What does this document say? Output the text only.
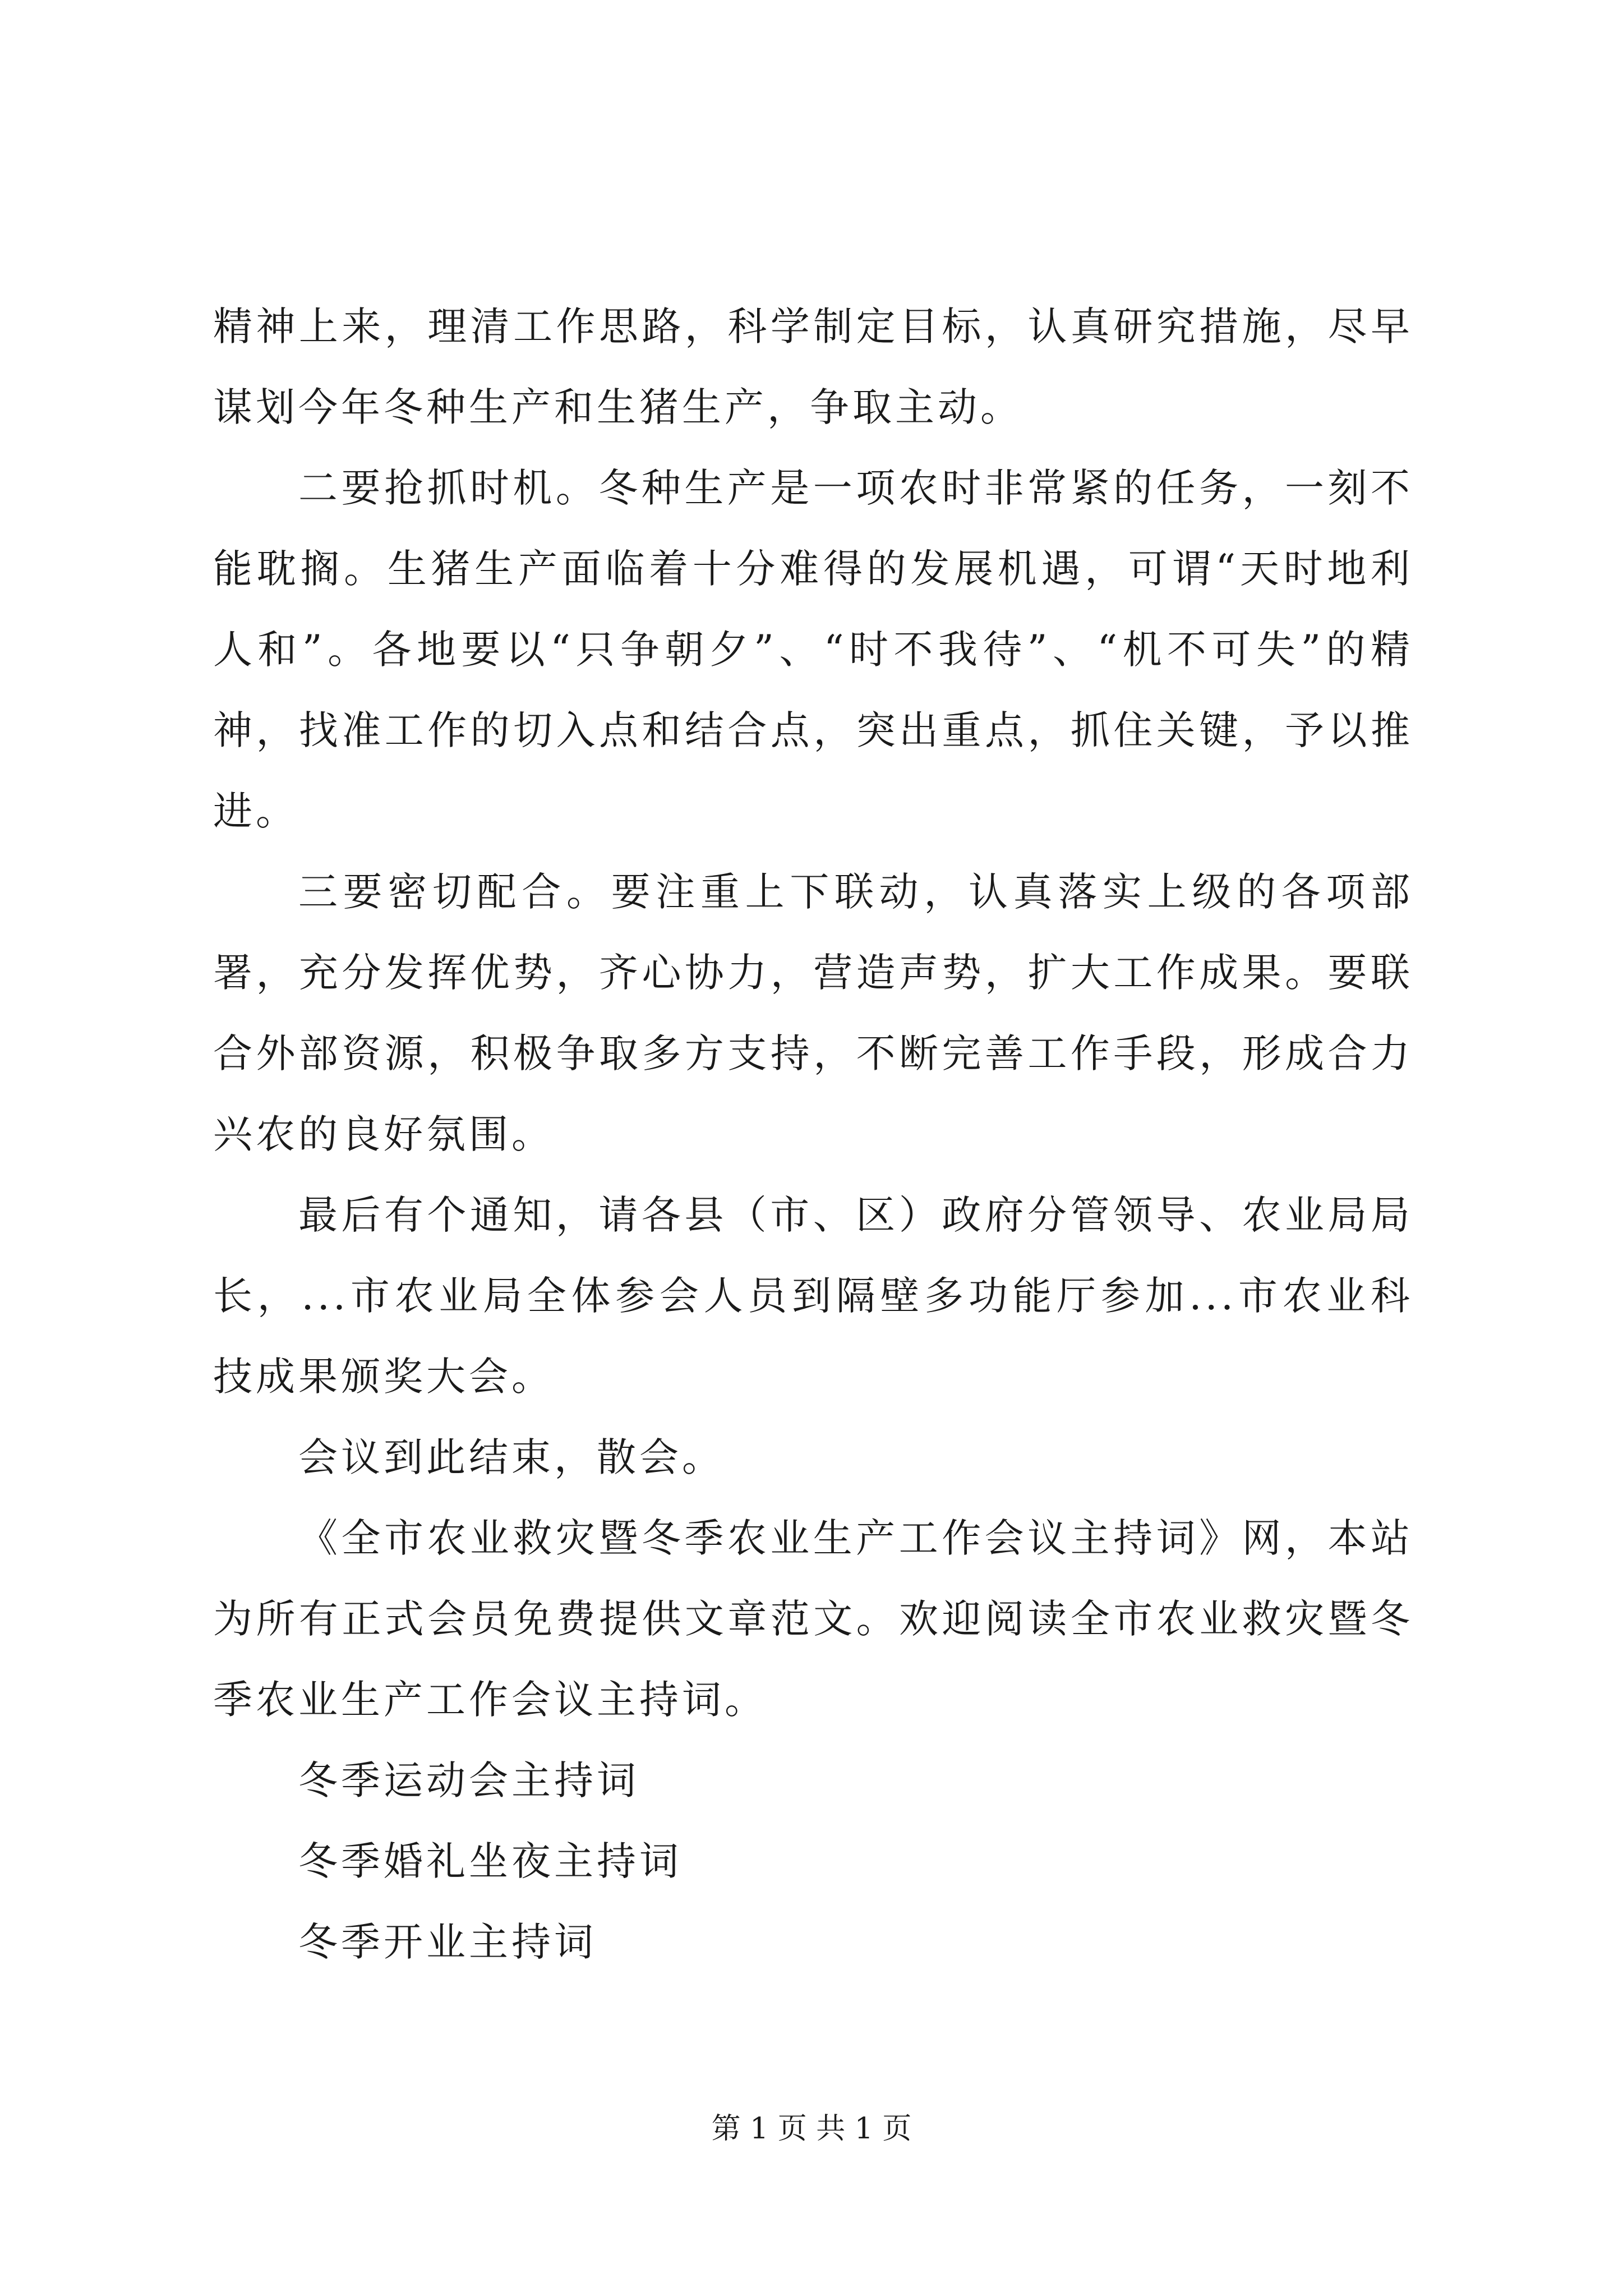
精神上来，理清工作思路，科学制定目标，认真研究措施，尽早谋划今年冬种生产和生猪生产，争取主动。

二要抢抓时机。冬种生产是一项农时非常紧的任务，一刻不能耽搁。生猪生产面临着十分难得的发展机遇，可谓“天时地利人和”。各地要以“只争朝夕”、“时不我待”、“机不可失”的精神，找准工作的切入点和结合点，突出重点，抓住关键，予以推进。

三要密切配合。要注重上下联动，认真落实上级的各项部署，充分发挥优势，齐心协力，营造声势，扩大工作成果。要联合外部资源，积极争取多方支持，不断完善工作手段，形成合力兴农的良好氛围。

最后有个通知，请各县（市、区）政府分管领导、农业局局长，...市农业局全体参会人员到隔壁多功能厅参加...市农业科技成果颁奖大会。

会议到此结束，散会。

《全市农业救灾暨冬季农业生产工作会议主持词》网，本站为所有正式会员免费提供文章范文。欢迎阅读全市农业救灾暨冬季农业生产工作会议主持词。

冬季运动会主持词

冬季婚礼坐夜主持词

冬季开业主持词

第 1 页 共 1 页
